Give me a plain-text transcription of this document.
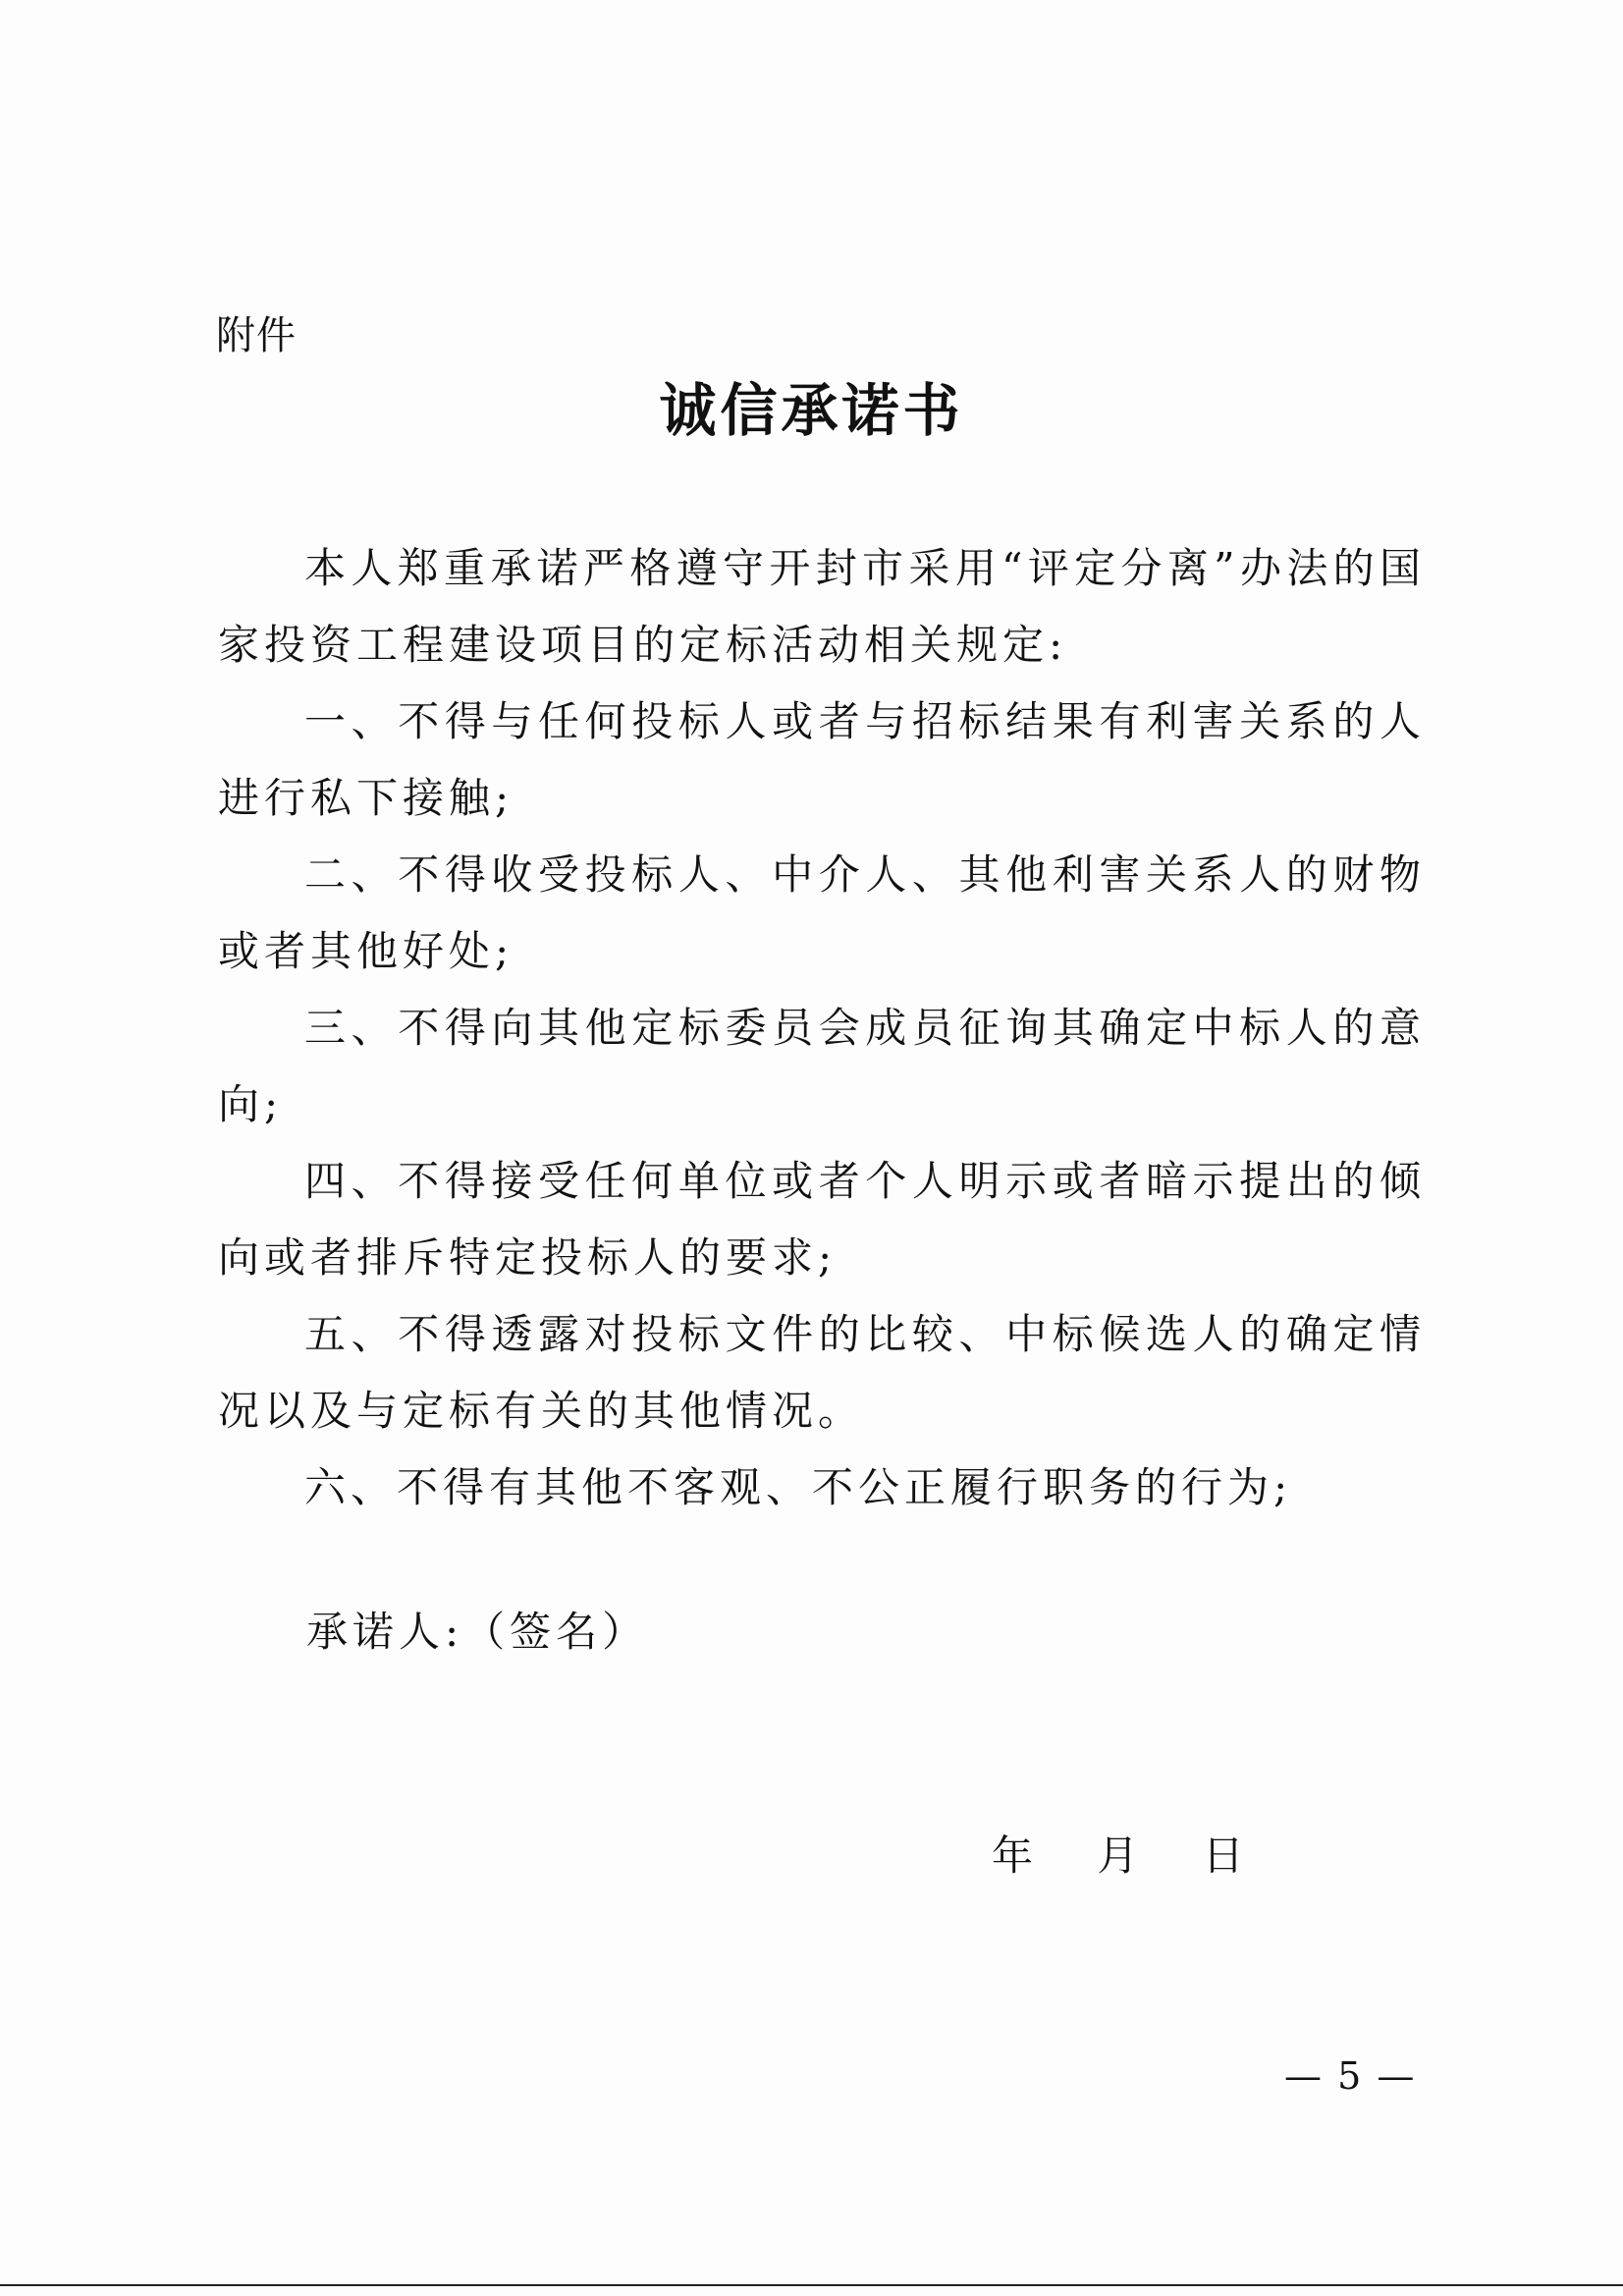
附件
诚信承诺书

本人郑重承诺严格遵守开封市采用“评定分离”办法的国家投资工程建设项目的定标活动相关规定:

一、不得与任何投标人或者与招标结果有利害关系的人进行私下接触;

二、不得收受投标人、中介人、其他利害关系人的财物或者其他好处;

三、不得向其他定标委员会成员征询其确定中标人的意向;

四、不得接受任何单位或者个人明示或者暗示提出的倾向或者排斥特定投标人的要求;

五、不得透露对投标文件的比较、中标候选人的确定情况以及与定标有关的其他情况。

六、不得有其他不客观、不公正履行职务的行为;

承诺人:（签名）
年 月 日
— 5 —
